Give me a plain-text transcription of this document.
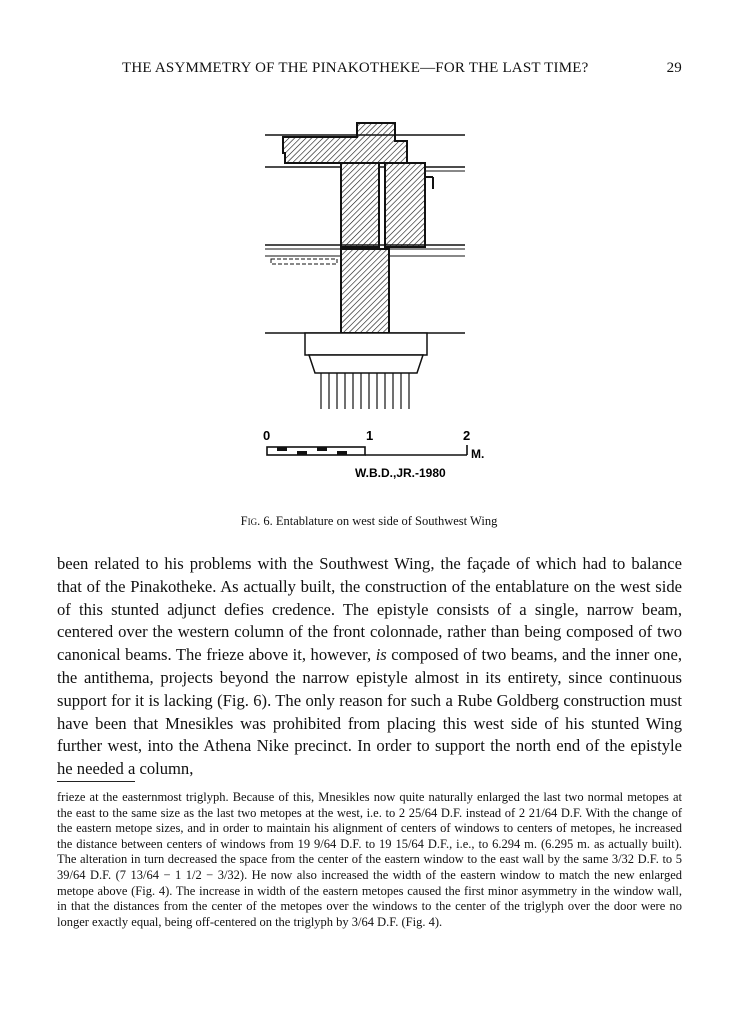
THE ASYMMETRY OF THE PINAKOTHEKE—FOR THE LAST TIME?	29
0	1	2
M.
W.B.D.,JR.-1980
Fig. 6. Entablature on west side of Southwest Wing

been related to his problems with the Southwest Wing, the façade of which had to balance that of the Pinakotheke. As actually built, the construction of the entablature on the west side of this stunted adjunct defies credence. The epistyle consists of a single, narrow beam, centered over the western column of the front colonnade, rather than being composed of two canonical beams. The frieze above it, however, is composed of two beams, and the inner one, the antithema, projects beyond the narrow epistyle almost in its entirety, since continuous support for it is lacking (Fig. 6). The only reason for such a Rube Goldberg construction must have been that Mnesikles was prohibited from placing this west side of his stunted Wing further west, into the Athena Nike precinct. In order to support the north end of the epistyle he needed a column,

frieze at the easternmost triglyph. Because of this, Mnesikles now quite naturally enlarged the last two normal metopes at the east to the same size as the last two metopes at the west, i.e. to 2 25/64 D.F. instead of 2 21/64 D.F. With the change of the eastern metope sizes, and in order to maintain his alignment of centers of windows to centers of metopes, he increased the distance between centers of windows from 19 9/64 D.F. to 19 15/64 D.F., i.e., to 6.294 m. (6.295 m. as actually built). The alteration in turn decreased the space from the center of the eastern window to the east wall by the same 3/32 D.F. to 5 39/64 D.F. (7 13/64 − 1 1/2 − 3/32). He now also increased the width of the eastern window to match the new enlarged metope above (Fig. 4). The increase in width of the eastern metopes caused the first minor asymmetry in the window wall, in that the distances from the center of the metopes over the windows to the center of the triglyph over the door were no longer exactly equal, being off-centered on the triglyph by 3/64 D.F. (Fig. 4).
